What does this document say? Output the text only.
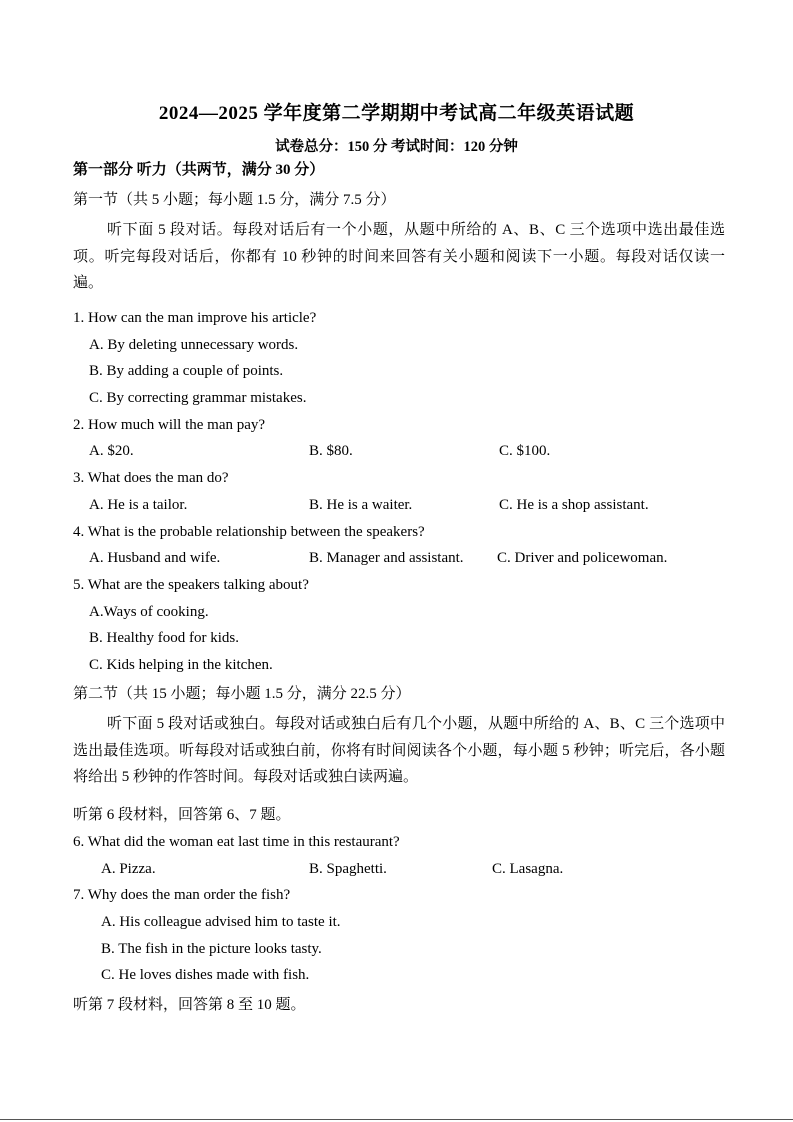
2024—2025 学年度第二学期期中考试高二年级英语试题
试卷总分：150 分 考试时间：120 分钟
第一部分 听力（共两节，满分 30 分）
第一节（共 5 小题；每小题 1.5 分，满分 7.5 分）
听下面 5 段对话。每段对话后有一个小题，从题中所给的 A、B、C 三个选项中选出最佳选项。听完每段对话后，你都有 10 秒钟的时间来回答有关小题和阅读下一小题。每段对话仅读一遍。
1. How can the man improve his article?
A. By deleting unnecessary words.
B. By adding a couple of points.
C. By correcting grammar mistakes.
2. How much will the man pay?
A. $20.	B. $80.	C. $100.
3. What does the man do?
A. He is a tailor.	B. He is a waiter.	C. He is a shop assistant.
4. What is the probable relationship between the speakers?
A. Husband and wife.	B. Manager and assistant. C. Driver and policewoman.
5. What are the speakers talking about?
A.Ways of cooking.
B. Healthy food for kids.
C. Kids helping in the kitchen.
第二节（共 15 小题；每小题 1.5 分，满分 22.5 分）
听下面 5 段对话或独白。每段对话或独白后有几个小题，从题中所给的 A、B、C 三个选项中选出最佳选项。听每段对话或独白前，你将有时间阅读各个小题，每小题 5 秒钟；听完后，各小题将给出 5 秒钟的作答时间。每段对话或独白读两遍。
听第 6 段材料，回答第 6、7 题。
6. What did the woman eat last time in this restaurant?
A. Pizza.	B. Spaghetti.	C. Lasagna.
7. Why does the man order the fish?
A. His colleague advised him to taste it.
B. The fish in the picture looks tasty.
C. He loves dishes made with fish.
听第 7 段材料，回答第 8 至 10 题。
